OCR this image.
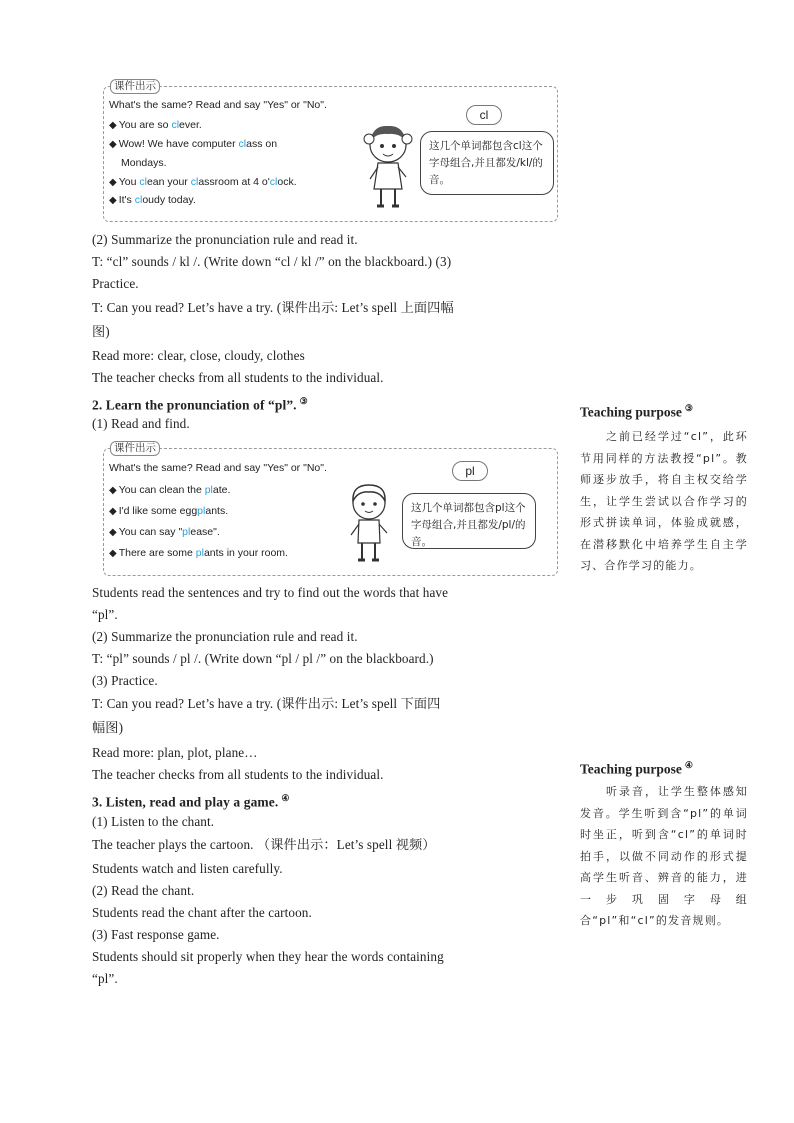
课件出示
What's the same? Read and say "Yes" or "No".
◆ You are so clever.
◆ Wow! We have computer class on
Mondays.
◆ You clean your classroom at 4 o'clock.
◆ It's cloudy today.
cl
这几个单词都包含cl这个字母组合,并且都发/kl/的音。
(2) Summarize the pronunciation rule and read it.
T: “cl” sounds / kl /. (Write down “cl / kl /” on the blackboard.) (3)
Practice.
T: Can you read? Let’s have a try. (课件出示: Let’s spell 上面四幅
图)
Read more: clear, close, cloudy, clothes
The teacher checks from all students to the individual.
2. Learn the pronunciation of “pl”. ③
(1) Read and find.
课件出示
What's the same? Read and say "Yes" or "No".
◆ You can clean the plate.
◆ I'd like some eggplants.
◆ You can say "please".
◆ There are some plants in your room.
pl
这几个单词都包含pl这个字母组合,并且都发/pl/的音。
Students read the sentences and try to find out the words that have
“pl”.
(2) Summarize the pronunciation rule and read it.
T: “pl” sounds / pl /. (Write down “pl / pl /” on the blackboard.)
(3) Practice.
T: Can you read? Let’s have a try. (课件出示: Let’s spell 下面四
幅图)
Read more: plan, plot, plane…
The teacher checks from all students to the individual.
3. Listen, read and play a game. ④
(1) Listen to the chant.
The teacher plays the cartoon. （课件出示：Let’s spell 视频）
Students watch and listen carefully.
(2) Read the chant.
Students read the chant after the cartoon.
(3) Fast response game.
Students should sit properly when they hear the words containing
“pl”.
Teaching purpose ③
之前已经学过“cl”，此环节用同样的方法教授“pl”。教师逐步放手，将自主权交给学生，让学生尝试以合作学习的形式拼读单词，体验成就感，在潜移默化中培养学生自主学习、合作学习的能力。
Teaching purpose ④
听录音，让学生整体感知发音。学生听到含“pl”的单词时坐正，听到含“cl”的单词时拍手，以做不同动作的形式提高学生听音、辨音的能力，进一步巩固字母组合“pl”和“cl”的发音规则。
